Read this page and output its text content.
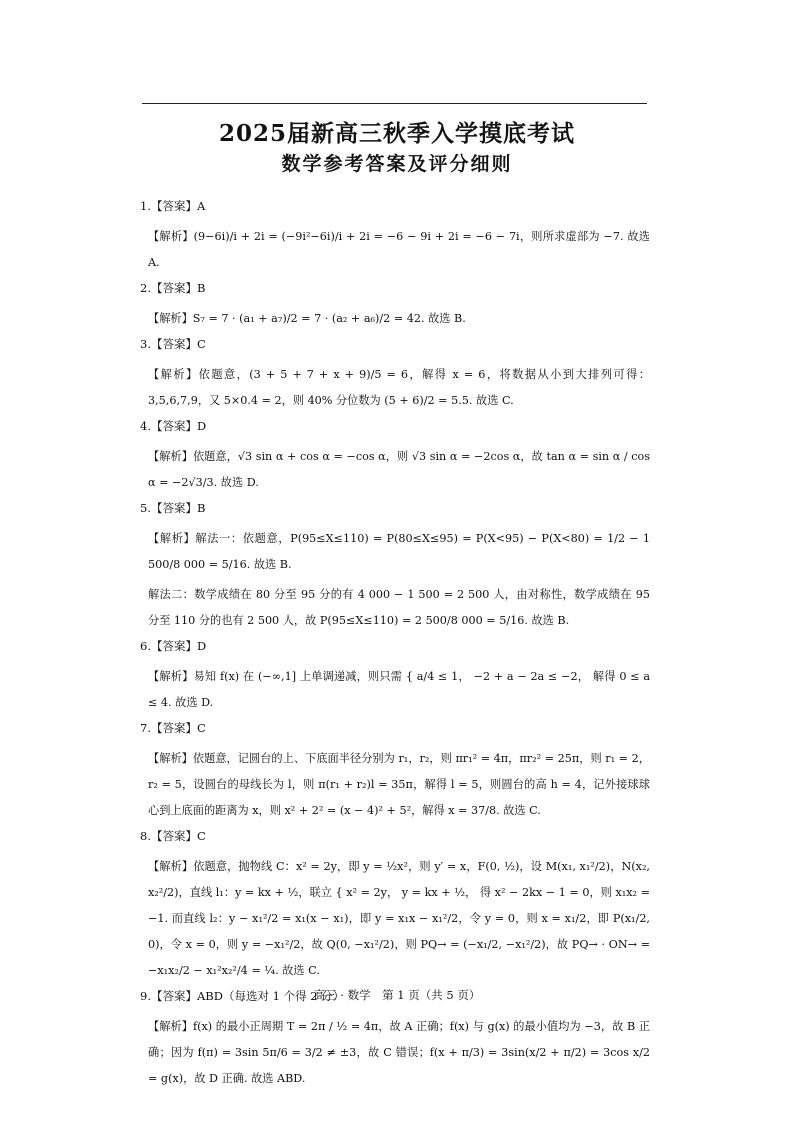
2025届新高三秋季入学摸底考试
数学参考答案及评分细则
1.【答案】A
【解析】(9−6i)/i + 2i = (−9i²−6i)/i + 2i = −6 − 9i + 2i = −6 − 7i，则所求虚部为 −7. 故选 A.
2.【答案】B
【解析】S₇ = 7 · (a₁ + a₇)/2 = 7 · (a₂ + a₆)/2 = 42. 故选 B.
3.【答案】C
【解析】依题意，(3 + 5 + 7 + x + 9)/5 = 6，解得 x = 6，将数据从小到大排列可得：3,5,6,7,9，又 5×0.4 = 2，则 40% 分位数为 (5 + 6)/2 = 5.5. 故选 C.
4.【答案】D
【解析】依题意，√3 sin α + cos α = −cos α，则 √3 sin α = −2cos α，故 tan α = sin α / cos α = −2√3/3. 故选 D.
5.【答案】B
【解析】解法一：依题意，P(95≤X≤110) = P(80≤X≤95) = P(X<95) − P(X<80) = 1/2 − 1 500/8 000 = 5/16. 故选 B.
解法二：数学成绩在 80 分至 95 分的有 4 000 − 1 500 = 2 500 人，由对称性，数学成绩在 95 分至 110 分的也有 2 500 人，故 P(95≤X≤110) = 2 500/8 000 = 5/16. 故选 B.
6.【答案】D
【解析】易知 f(x) 在 (−∞,1] 上单调递减，则只需 { a/4 ≤ 1， −2 + a − 2a ≤ −2， 解得 0 ≤ a ≤ 4. 故选 D.
7.【答案】C
【解析】依题意，记圆台的上、下底面半径分别为 r₁，r₂，则 πr₁² = 4π，πr₂² = 25π，则 r₁ = 2，r₂ = 5，设圆台的母线长为 l，则 π(r₁ + r₂)l = 35π，解得 l = 5，则圆台的高 h = 4，记外接球球心到上底面的距离为 x，则 x² + 2² = (x − 4)² + 5²，解得 x = 37/8. 故选 C.
8.【答案】C
【解析】依题意，抛物线 C：x² = 2y，即 y = ½x²，则 y′ = x，F(0, ½)，设 M(x₁, x₁²/2)，N(x₂, x₂²/2)，直线 l₁：y = kx + ½，联立 { x² = 2y， y = kx + ½， 得 x² − 2kx − 1 = 0，则 x₁x₂ = −1. 而直线 l₂：y − x₁²/2 = x₁(x − x₁)，即 y = x₁x − x₁²/2，令 y = 0，则 x = x₁/2，即 P(x₁/2, 0)，令 x = 0，则 y = −x₁²/2，故 Q(0, −x₁²/2)，则 PQ→ = (−x₁/2, −x₁²/2)，故 PQ→ · ON→ = −x₁x₂/2 − x₁²x₂²/4 = ¼. 故选 C.
9.【答案】ABD（每选对 1 个得 2 分）
【解析】f(x) 的最小正周期 T = 2π / ½ = 4π，故 A 正确；f(x) 与 g(x) 的最小值均为 −3，故 B 正确；因为 f(π) = 3sin 5π/6 = 3/2 ≠ ±3，故 C 错误；f(x + π/3) = 3sin(x/2 + π/2) = 3cos x/2 = g(x)，故 D 正确. 故选 ABD.
高三 · 数学　第 1 页（共 5 页）
